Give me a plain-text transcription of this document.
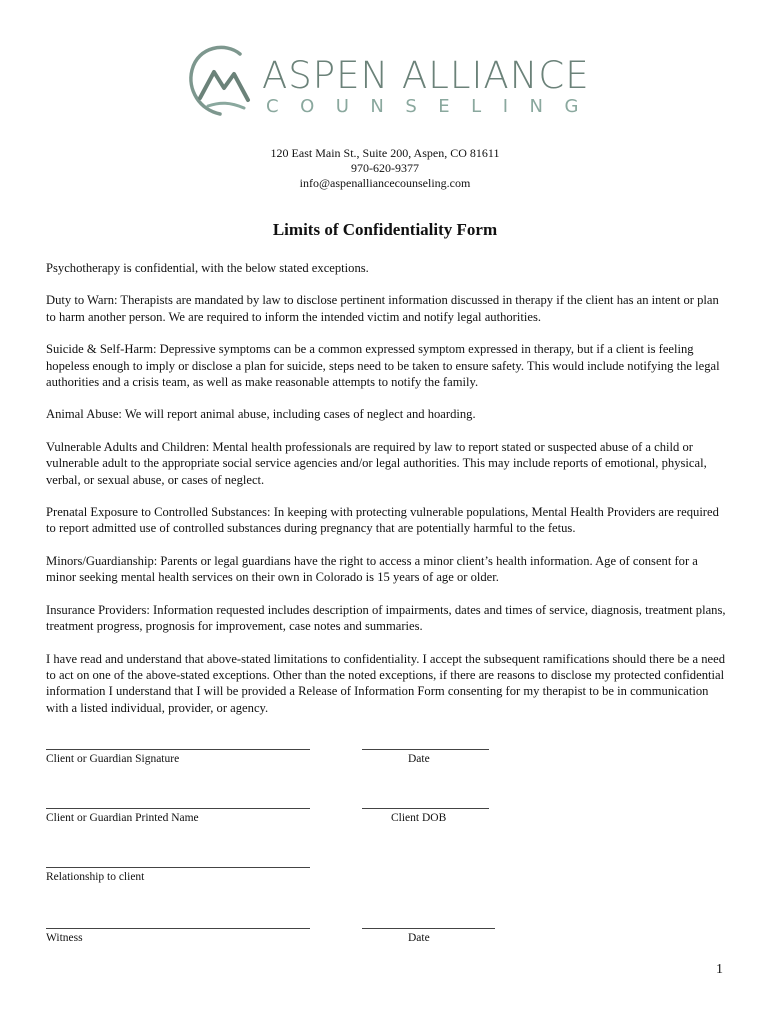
ASPEN ALLIANCE
COUNSELING
120 East Main St., Suite 200, Aspen, CO 81611
970-620-9377
info@aspenalliancecounseling.com
Limits of Confidentiality Form

Psychotherapy is confidential, with the below stated exceptions.

Duty to Warn: Therapists are mandated by law to disclose pertinent information discussed in therapy if the client has an intent or plan to harm another person. We are required to inform the intended victim and notify legal authorities.

Suicide & Self-Harm: Depressive symptoms can be a common expressed symptom expressed in therapy, but if a client is feeling hopeless enough to imply or disclose a plan for suicide, steps need to be taken to ensure safety. This would include notifying the legal authorities and a crisis team, as well as make reasonable attempts to notify the family.

Animal Abuse: We will report animal abuse, including cases of neglect and hoarding.

Vulnerable Adults and Children: Mental health professionals are required by law to report stated or suspected abuse of a child or vulnerable adult to the appropriate social service agencies and/or legal authorities. This may include reports of emotional, physical, verbal, or sexual abuse, or cases of neglect.

Prenatal Exposure to Controlled Substances: In keeping with protecting vulnerable populations, Mental Health Providers are required to report admitted use of controlled substances during pregnancy that are potentially harmful to the fetus.

Minors/Guardianship: Parents or legal guardians have the right to access a minor client’s health information. Age of consent for a minor seeking mental health services on their own in Colorado is 15 years of age or older.

Insurance Providers: Information requested includes description of impairments, dates and times of service, diagnosis, treatment plans, treatment progress, prognosis for improvement, case notes and summaries.

I have read and understand that above-stated limitations to confidentiality. I accept the subsequent ramifications should there be a need to act on one of the above-stated exceptions. Other than the noted exceptions, if there are reasons to disclose my protected confidential information I understand that I will be provided a Release of Information Form consenting for my therapist to be in communication with a listed individual, provider, or agency.

Client or Guardian Signature	Date
Client or Guardian Printed Name	Client DOB
Relationship to client
Witness	Date
1
